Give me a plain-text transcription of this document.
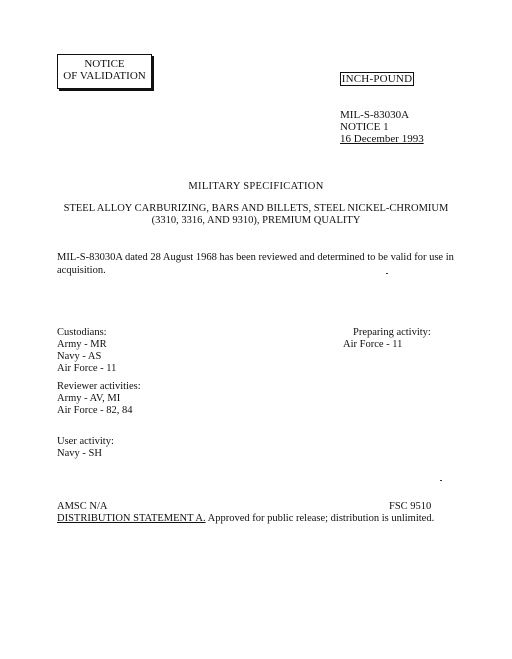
NOTICE
OF VALIDATION	INCH-POUND
MIL-S-83030A
NOTICE 1
16 December 1993
MILITARY SPECIFICATION
STEEL ALLOY CARBURIZING, BARS AND BILLETS, STEEL NICKEL-CHROMIUM
(3310, 3316, AND 9310), PREMIUM QUALITY
MIL-S-83030A dated 28 August 1968 has been reviewed and determined to be valid for use in acquisition.
Custodians:
Army - MR
Navy - AS
Air Force - 11
Preparing activity:
Air Force - 11
Reviewer activities:
Army - AV, MI
Air Force - 82, 84
User activity:
Navy - SH
AMSC N/A	FSC 9510
DISTRIBUTION STATEMENT A. Approved for public release; distribution is unlimited.
